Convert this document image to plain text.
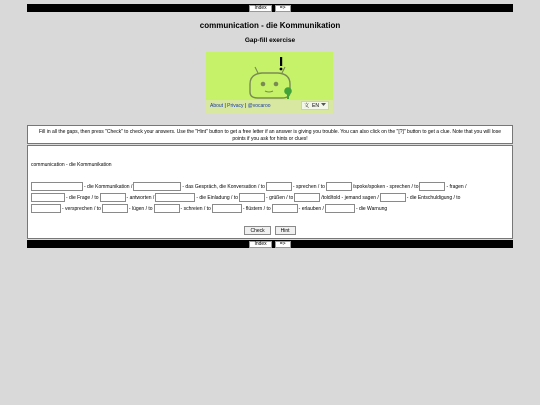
Index	=>
communication - die Kommunikation
Gap-fill exercise
About | Privacy | @vocaroo	文 EN
Fill in all the gaps, then press "Check" to check your answers. Use the "Hint" button to get a free letter if an answer is giving you trouble. You can also click on the "[?]" button to get a clue. Note that you will lose points if you ask for hints or clues!
communication - die Kommunikation
- die Kommunikation /	- das Gespräch, die Konversation / to	- sprechen / to	/spoke/spoken - sprechen / to	- fragen /
- die Frage / to	- antworten /	- die Einladung / to	- grüßen / to	/told/told - jemand sagen /	- die Entschuldigung / to
- versprechen / to	- lügen / to	- schreien / to	- flüstern / to	- erlauben /	- die Warnung
Check	Hint
Index	=>
